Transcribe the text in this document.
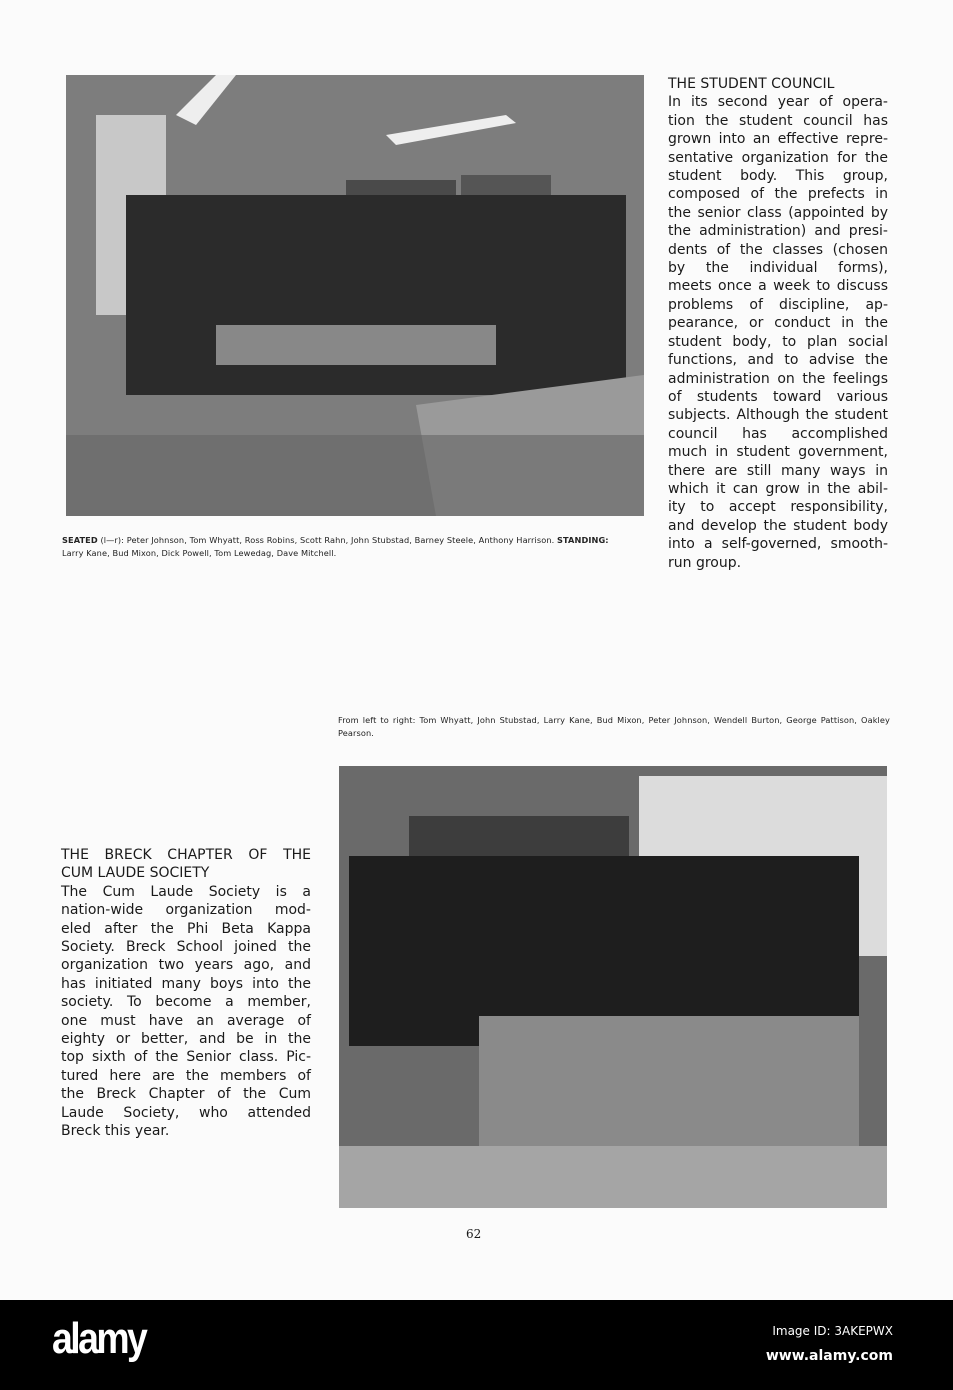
THE STUDENT COUNCIL
In its second year of opera-
tion the student council has
grown into an effective repre-
sentative organization for the
student body. This group,
composed of the prefects in
the senior class (appointed by
the administration) and presi-
dents of the classes (chosen
by the individual forms),
meets once a week to discuss
problems of discipline, ap-
pearance, or conduct in the
student body, to plan social
functions, and to advise the
administration on the feelings
of students toward various
subjects. Although the student
council has accomplished
much in student government,
there are still many ways in
which it can grow in the abil-
ity to accept responsibility,
and develop the student body
into a self-governed, smooth-
run group.
SEATED (l—r): Peter Johnson, Tom Whyatt, Ross Robins, Scott Rahn, John Stubstad, Barney Steele, Anthony Harrison. STANDING: Larry Kane, Bud Mixon, Dick Powell, Tom Lewedag, Dave Mitchell.
From left to right: Tom Whyatt, John Stubstad, Larry Kane, Bud Mixon, Peter Johnson, Wendell Burton, George Pattison, Oakley Pearson.
THE BRECK CHAPTER OF THE
CUM LAUDE SOCIETY
The Cum Laude Society is a
nation-wide organization mod-
eled after the Phi Beta Kappa
Society. Breck School joined the
organization two years ago, and
has initiated many boys into the
society. To become a member,
one must have an average of
eighty or better, and be in the
top sixth of the Senior class. Pic-
tured here are the members of
the Breck Chapter of the Cum
Laude Society, who attended
Breck this year.
62
alamy	Image ID: 3AKEPWX
www.alamy.com
